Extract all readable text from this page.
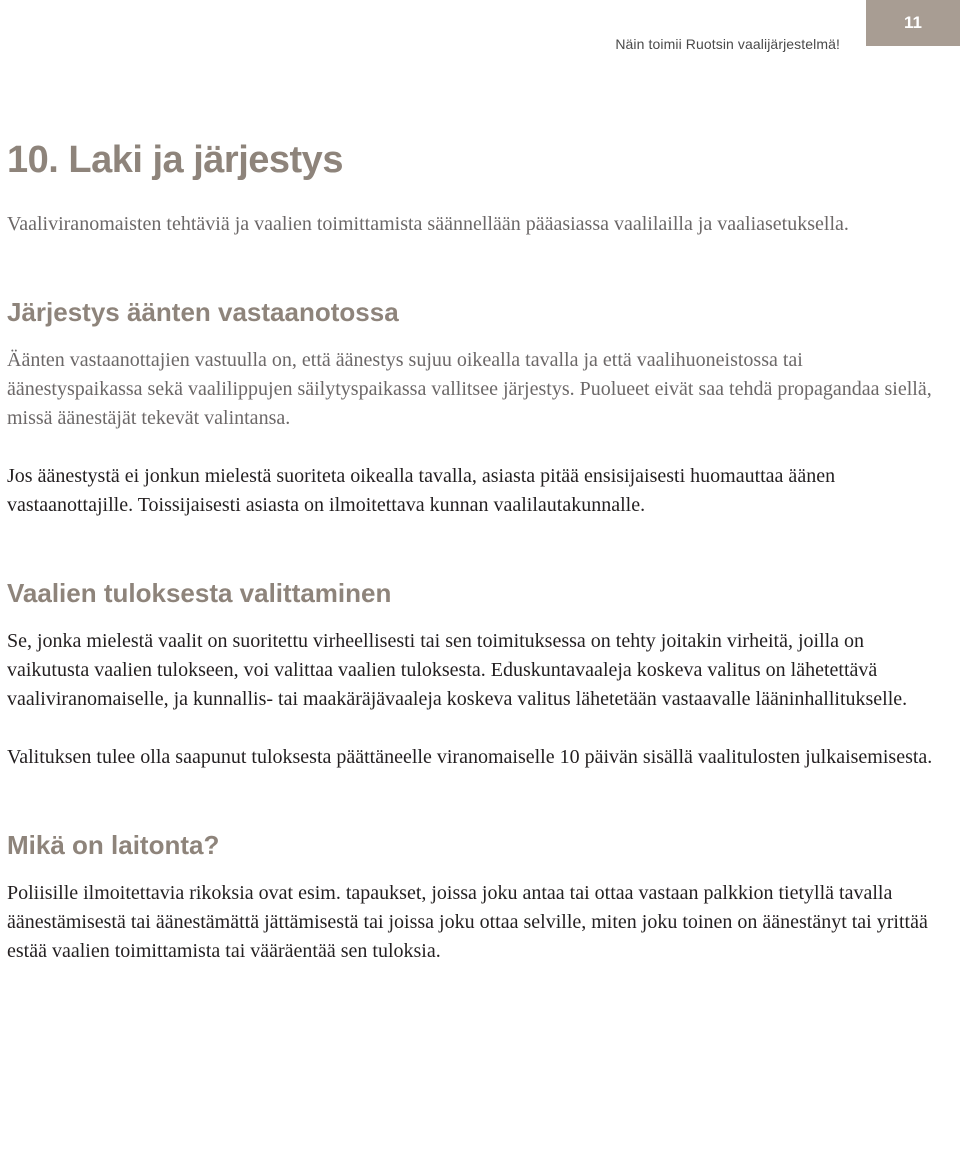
Näin toimii Ruotsin vaalijärjestelmä!
11
10. Laki ja järjestys

Vaaliviranomaisten tehtäviä ja vaalien toimittamista säännellään pääasiassa vaalilailla ja vaaliasetuksella.

Järjestys äänten vastaanotossa

Äänten vastaanottajien vastuulla on, että äänestys sujuu oikealla tavalla ja että vaalihuoneistossa tai äänestyspaikassa sekä vaalilippujen säilytyspaikassa vallitsee järjestys. Puolueet eivät saa tehdä propagandaa siellä, missä äänestäjät tekevät valintansa.

Jos äänestystä ei jonkun mielestä suoriteta oikealla tavalla, asiasta pitää ensisijaisesti huomauttaa äänen vastaanottajille. Toissijaisesti asiasta on ilmoitettava kunnan vaalilautakunnalle.

Vaalien tuloksesta valittaminen

Se, jonka mielestä vaalit on suoritettu virheellisesti tai sen toimituksessa on tehty joitakin virheitä, joilla on vaikutusta vaalien tulokseen, voi valittaa vaalien tuloksesta. Eduskuntavaaleja koskeva valitus on lähetettävä vaaliviranomaiselle, ja kunnallis- tai maakäräjävaaleja koskeva valitus lähetetään vastaavalle lääninhallitukselle.

Valituksen tulee olla saapunut tuloksesta päättäneelle viranomaiselle 10 päivän sisällä vaalitulosten julkaisemisesta.

Mikä on laitonta?

Poliisille ilmoitettavia rikoksia ovat esim. tapaukset, joissa joku antaa tai ottaa vastaan palkkion tietyllä tavalla äänestämisestä tai äänestämättä jättämisestä tai joissa joku ottaa selville, miten joku toinen on äänestänyt tai yrittää estää vaalien toimittamista tai vääräentää sen tuloksia.
